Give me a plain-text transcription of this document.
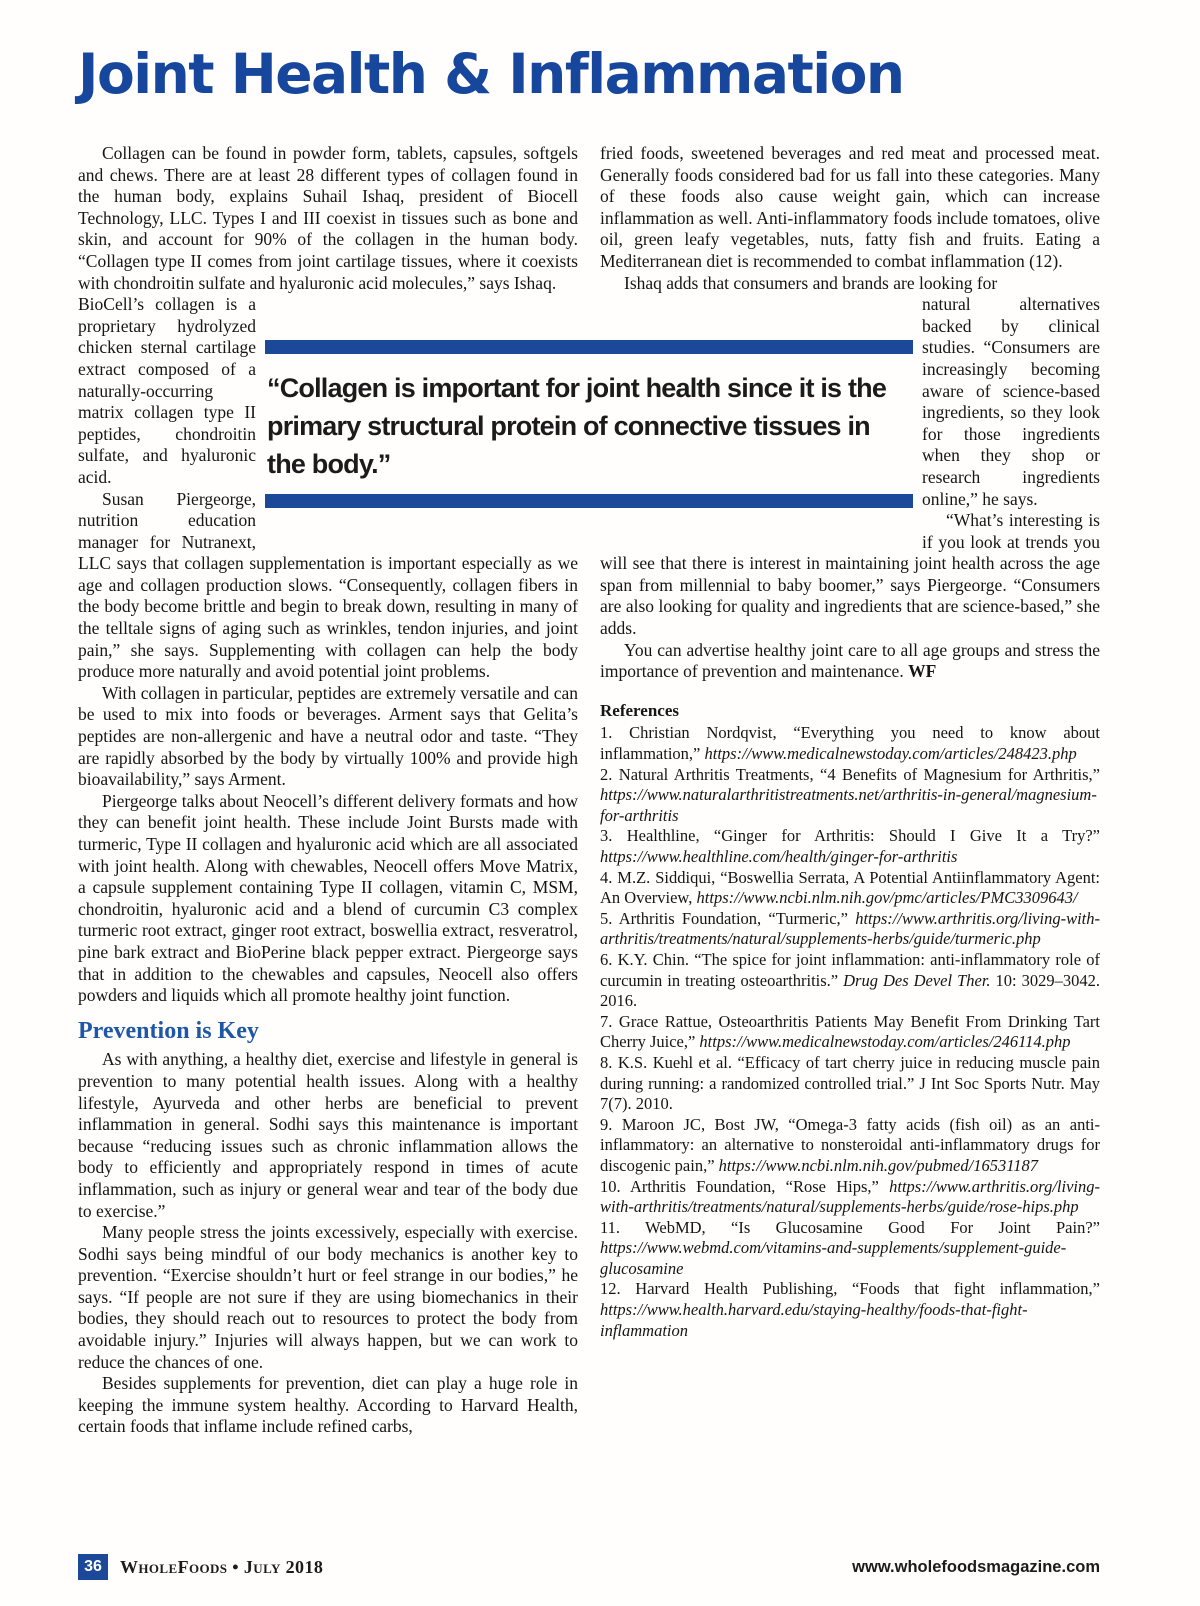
Joint Health & Inflammation
“Collagen is important for joint health since it is the primary structural protein of connective tissues in the body.”

Collagen can be found in powder form, tablets, capsules, softgels and chews. There are at least 28 different types of collagen found in the human body, explains Suhail Ishaq, president of Biocell Technology, LLC. Types I and III coexist in tissues such as bone and skin, and account for 90% of the collagen in the human body. “Collagen type II comes from joint cartilage tissues, where it coexists with chondroitin sulfate and hyaluronic acid molecules,” says Ishaq.

BioCell’s collagen is a proprietary hydrolyzed chicken sternal cartilage extract composed of a naturally-occurring matrix collagen type II peptides, chondroitin sulfate, and hyaluronic acid.

Susan Piergeorge, nutrition education manager for Nutranext, LLC says that collagen supplementation is important especially as we age and collagen production slows. “Consequently, collagen fibers in the body become brittle and begin to break down, resulting in many of the telltale signs of aging such as wrinkles, tendon injuries, and joint pain,” she says. Supplementing with collagen can help the body produce more naturally and avoid potential joint problems.

With collagen in particular, peptides are extremely versatile and can be used to mix into foods or beverages. Arment says that Gelita’s peptides are non-allergenic and have a neutral odor and taste. “They are rapidly absorbed by the body by virtually 100% and provide high bioavailability,” says Arment.

Piergeorge talks about Neocell’s different delivery formats and how they can benefit joint health. These include Joint Bursts made with turmeric, Type II collagen and hyaluronic acid which are all associated with joint health. Along with chewables, Neocell offers Move Matrix, a capsule supplement containing Type II collagen, vitamin C, MSM, chondroitin, hyaluronic acid and a blend of curcumin C3 complex turmeric root extract, ginger root extract, boswellia extract, resveratrol, pine bark extract and BioPerine black pepper extract. Piergeorge says that in addition to the chewables and capsules, Neocell also offers powders and liquids which all promote healthy joint function.

Prevention is Key

As with anything, a healthy diet, exercise and lifestyle in general is prevention to many potential health issues. Along with a healthy lifestyle, Ayurveda and other herbs are beneficial to prevent inflammation in general. Sodhi says this maintenance is important because “reducing issues such as chronic inflammation allows the body to efficiently and appropriately respond in times of acute inflammation, such as injury or general wear and tear of the body due to exercise.”

Many people stress the joints excessively, especially with exercise. Sodhi says being mindful of our body mechanics is another key to prevention. “Exercise shouldn’t hurt or feel strange in our bodies,” he says. “If people are not sure if they are using biomechanics in their bodies, they should reach out to resources to protect the body from avoidable injury.” Injuries will always happen, but we can work to reduce the chances of one.

Besides supplements for prevention, diet can play a huge role in keeping the immune system healthy. According to Harvard Health, certain foods that inflame include refined carbs,

fried foods, sweetened beverages and red meat and processed meat. Generally foods considered bad for us fall into these categories. Many of these foods also cause weight gain, which can increase inflammation as well. Anti-inflammatory foods include tomatoes, olive oil, green leafy vegetables, nuts, fatty fish and fruits. Eating a Mediterranean diet is recommended to combat inflammation (12).

Ishaq adds that consumers and brands are looking for

natural alternatives backed by clinical studies. “Consumers are increasingly becoming aware of science-based ingredients, so they look for those ingredients when they shop or research ingredients online,” he says.

“What’s interesting is if you look at trends you will see that there is interest in maintaining joint health across the age span from millennial to baby boomer,” says Piergeorge. “Consumers are also looking for quality and ingredients that are science-based,” she adds.

You can advertise healthy joint care to all age groups and stress the importance of prevention and maintenance. WF

References
1. Christian Nordqvist, “Everything you need to know about inflammation,” https://www.medicalnewstoday.com/articles/248423.php
2. Natural Arthritis Treatments, “4 Benefits of Magnesium for Arthritis,” https://www.naturalarthritistreatments.net/arthritis-in-general/magnesium-for-arthritis
3. Healthline, “Ginger for Arthritis: Should I Give It a Try?” https://www.healthline.com/health/ginger-for-arthritis
4. M.Z. Siddiqui, “Boswellia Serrata, A Potential Antiinflammatory Agent: An Overview, https://www.ncbi.nlm.nih.gov/pmc/articles/PMC3309643/
5. Arthritis Foundation, “Turmeric,” https://www.arthritis.org/living-with-arthritis/treatments/natural/supplements-herbs/guide/turmeric.php
6. K.Y. Chin. “The spice for joint inflammation: anti-inflammatory role of curcumin in treating osteoarthritis.” Drug Des Devel Ther. 10: 3029–3042. 2016.
7. Grace Rattue, Osteoarthritis Patients May Benefit From Drinking Tart Cherry Juice,” https://www.medicalnewstoday.com/articles/246114.php
8. K.S. Kuehl et al. “Efficacy of tart cherry juice in reducing muscle pain during running: a randomized controlled trial.” J Int Soc Sports Nutr. May 7(7). 2010.
9. Maroon JC, Bost JW, “Omega-3 fatty acids (fish oil) as an anti-inflammatory: an alternative to nonsteroidal anti-inflammatory drugs for discogenic pain,” https://www.ncbi.nlm.nih.gov/pubmed/16531187
10. Arthritis Foundation, “Rose Hips,” https://www.arthritis.org/living-with-arthritis/treatments/natural/supplements-herbs/guide/rose-hips.php
11. WebMD, “Is Glucosamine Good For Joint Pain?” https://www.webmd.com/vitamins-and-supplements/supplement-guide-glucosamine
12. Harvard Health Publishing, “Foods that fight inflammation,” https://www.health.harvard.edu/staying-healthy/foods-that-fight-inflammation
36	WholeFoods • July 2018	www.wholefoodsmagazine.com
